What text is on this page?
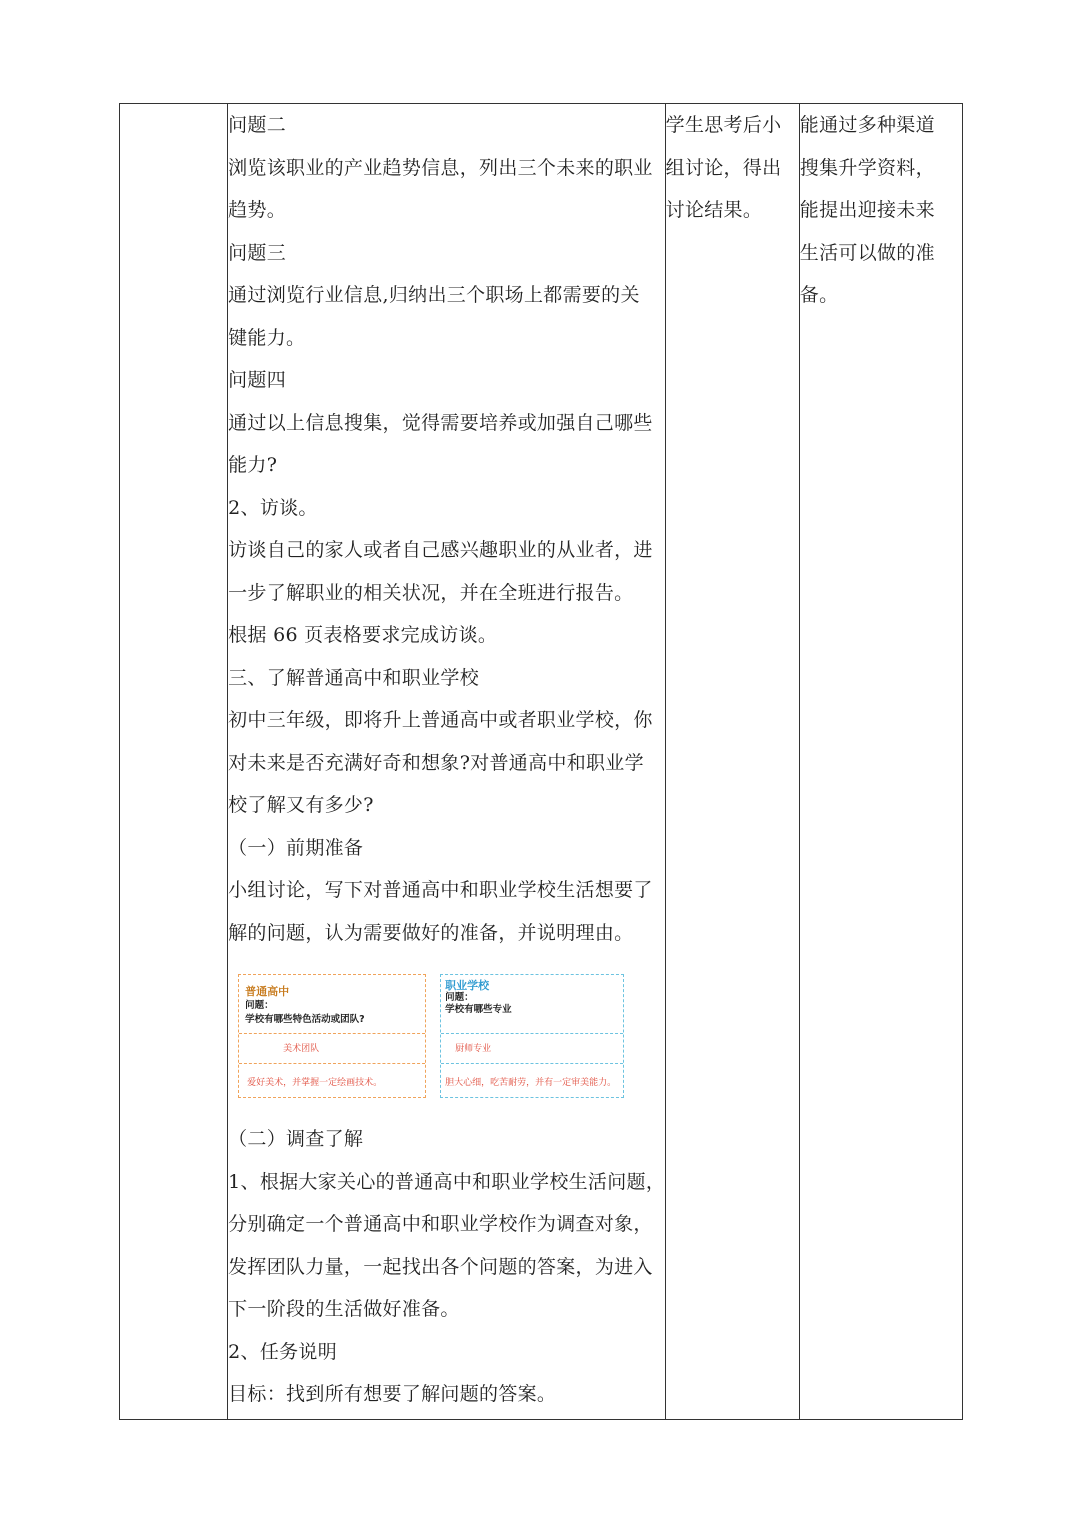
问题二

浏览该职业的产业趋势信息，列出三个未来的职业

趋势。

问题三

通过浏览行业信息,归纳出三个职场上都需要的关

键能力。

问题四

通过以上信息搜集，觉得需要培养或加强自己哪些

能力?

2、访谈。

访谈自己的家人或者自己感兴趣职业的从业者，进

一步了解职业的相关状况，并在全班进行报告。

根据 66 页表格要求完成访谈。

三、了解普通高中和职业学校

初中三年级，即将升上普通高中或者职业学校，你

对未来是否充满好奇和想象?对普通高中和职业学

校了解又有多少?

（一）前期准备

小组讨论，写下对普通高中和职业学校生活想要了

解的问题，认为需要做好的准备，并说明理由。

普通高中
问题：
学校有哪些特色活动或团队?
美术团队
爱好美术，并掌握一定绘画技术。
职业学校
问题：
学校有哪些专业
厨师专业
胆大心细，吃苦耐劳，并有一定审美能力。

（二）调查了解

1、根据大家关心的普通高中和职业学校生活问题，

分别确定一个普通高中和职业学校作为调查对象，

发挥团队力量，一起找出各个问题的答案，为进入

下一阶段的生活做好准备。

2、任务说明

目标：找到所有想要了解问题的答案。

学生思考后小

组讨论，得出

讨论结果。

能通过多种渠道

搜集升学资料，

能提出迎接未来

生活可以做的准

备。
